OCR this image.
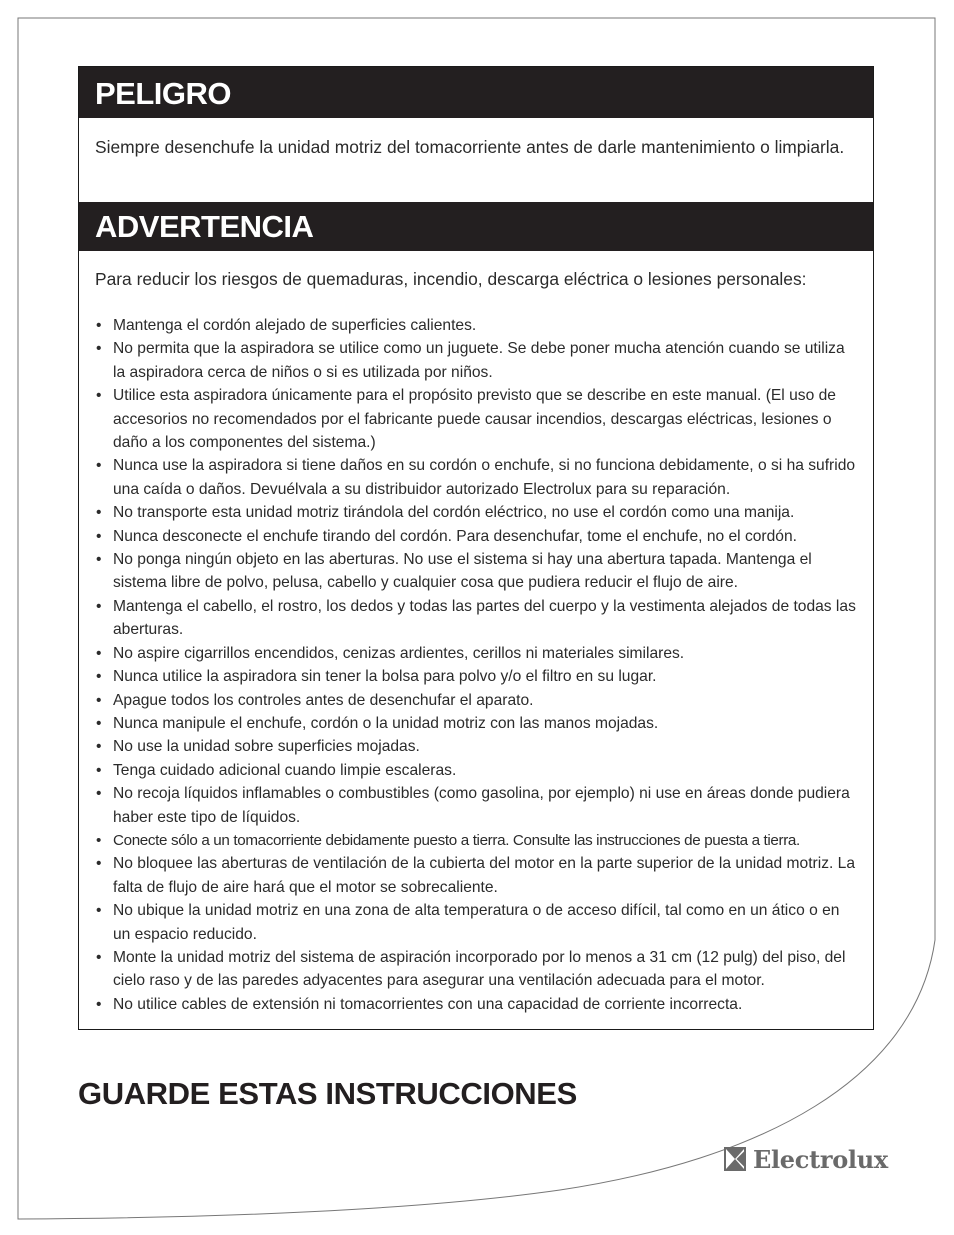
PELIGRO

Siempre desenchufe la unidad motriz del tomacorriente antes de darle mantenimiento o limpiarla.

ADVERTENCIA

Para reducir los riesgos de quemaduras, incendio, descarga eléctrica o lesiones personales:

• Mantenga el cordón alejado de superficies calientes.
• No permita que la aspiradora se utilice como un juguete. Se debe poner mucha atención cuando se utiliza la aspiradora cerca de niños o si es utilizada por niños.
• Utilice esta aspiradora únicamente para el propósito previsto que se describe en este manual. (El uso de accesorios no recomendados por el fabricante puede causar incendios, descargas eléctricas, lesiones o daño a los componentes del sistema.)
• Nunca use la aspiradora si tiene daños en su cordón o enchufe, si no funciona debidamente, o si ha sufrido una caída o daños. Devuélvala a su distribuidor autorizado Electrolux para su reparación.
• No transporte esta unidad motriz tirándola del cordón eléctrico, no use el cordón como una manija.
• Nunca desconecte el enchufe tirando del cordón. Para desenchufar, tome el enchufe, no el cordón.
• No ponga ningún objeto en las aberturas. No use el sistema si hay una abertura tapada. Mantenga el sistema libre de polvo, pelusa, cabello y cualquier cosa que pudiera reducir el flujo de aire.
• Mantenga el cabello, el rostro, los dedos y todas las partes del cuerpo y la vestimenta alejados de todas las aberturas.
• No aspire cigarrillos encendidos, cenizas ardientes, cerillos ni materiales similares.
• Nunca utilice la aspiradora sin tener la bolsa para polvo y/o el filtro en su lugar.
• Apague todos los controles antes de desenchufar el aparato.
• Nunca manipule el enchufe, cordón o la unidad motriz con las manos mojadas.
• No use la unidad sobre superficies mojadas.
• Tenga cuidado adicional cuando limpie escaleras.
• No recoja líquidos inflamables o combustibles (como gasolina, por ejemplo) ni use en áreas donde pudiera haber este tipo de líquidos.
• Conecte sólo a un tomacorriente debidamente puesto a tierra. Consulte las instrucciones de puesta a tierra.
• No bloquee las aberturas de ventilación de la cubierta del motor en la parte superior de la unidad motriz. La falta de flujo de aire hará que el motor se sobrecaliente.
• No ubique la unidad motriz en una zona de alta temperatura o de acceso difícil, tal como en un ático o en un espacio reducido.
• Monte la unidad motriz del sistema de aspiración incorporado por lo menos a 31 cm (12 pulg) del piso, del cielo raso y de las paredes adyacentes para asegurar una ventilación adecuada para el motor.
• No utilice cables de extensión ni tomacorrientes con una capacidad de corriente incorrecta.
GUARDE ESTAS INSTRUCCIONES
Electrolux
